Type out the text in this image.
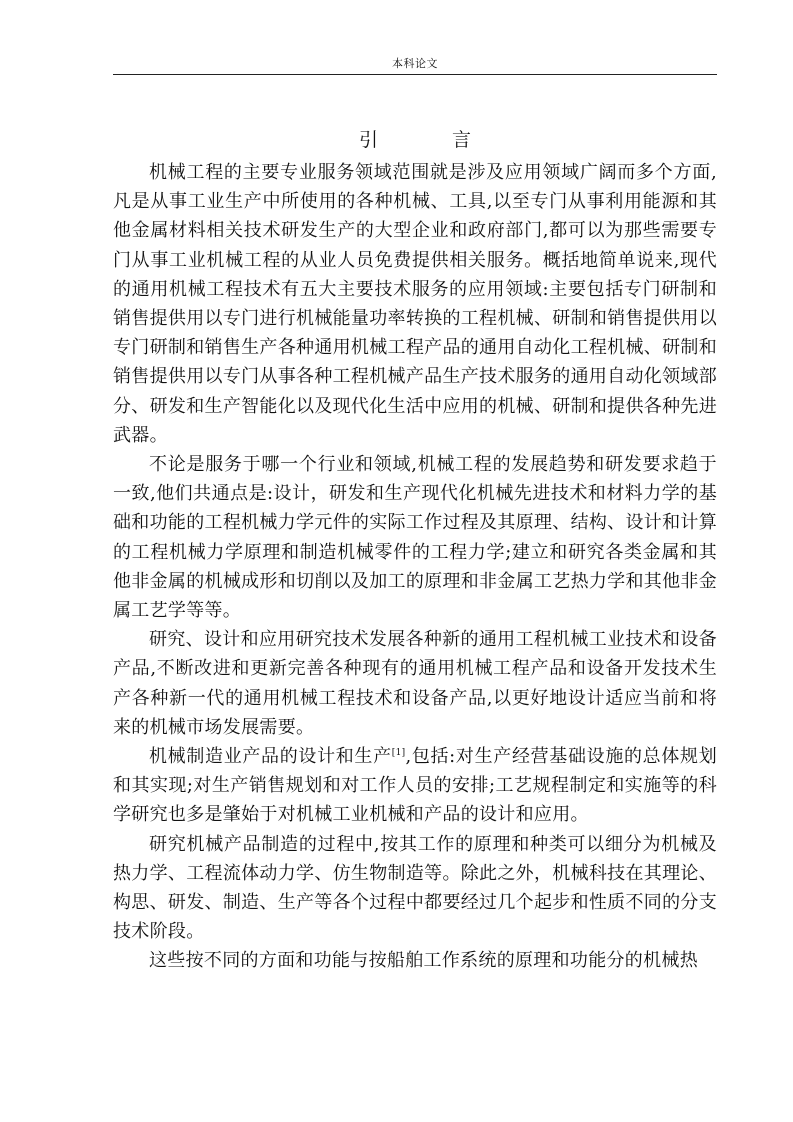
本科论文
引 言

机械工程的主要专业服务领域范围就是涉及应用领域广阔而多个方面,凡是从事工业生产中所使用的各种机械、工具,以至专门从事利用能源和其他金属材料相关技术研发生产的大型企业和政府部门,都可以为那些需要专门从事工业机械工程的从业人员免费提供相关服务。概括地简单说来,现代的通用机械工程技术有五大主要技术服务的应用领域:主要包括专门研制和销售提供用以专门进行机械能量功率转换的工程机械、研制和销售提供用以专门研制和销售生产各种通用机械工程产品的通用自动化工程机械、研制和销售提供用以专门从事各种工程机械产品生产技术服务的通用自动化领域部分、研发和生产智能化以及现代化生活中应用的机械、研制和提供各种先进武器。

不论是服务于哪一个行业和领域,机械工程的发展趋势和研发要求趋于一致,他们共通点是:设计，研发和生产现代化机械先进技术和材料力学的基础和功能的工程机械力学元件的实际工作过程及其原理、结构、设计和计算的工程机械力学原理和制造机械零件的工程力学;建立和研究各类金属和其他非金属的机械成形和切削以及加工的原理和非金属工艺热力学和其他非金属工艺学等等。

研究、设计和应用研究技术发展各种新的通用工程机械工业技术和设备产品,不断改进和更新完善各种现有的通用机械工程产品和设备开发技术生产各种新一代的通用机械工程技术和设备产品,以更好地设计适应当前和将来的机械市场发展需要。

机械制造业产品的设计和生产[1],包括:对生产经营基础设施的总体规划和其实现;对生产销售规划和对工作人员的安排;工艺规程制定和实施等的科学研究也多是肇始于对机械工业机械和产品的设计和应用。

研究机械产品制造的过程中,按其工作的原理和种类可以细分为机械及热力学、工程流体动力学、仿生物制造等。除此之外，机械科技在其理论、构思、研发、制造、生产等各个过程中都要经过几个起步和性质不同的分支技术阶段。

这些按不同的方面和功能与按船舶工作系统的原理和功能分的机械热
